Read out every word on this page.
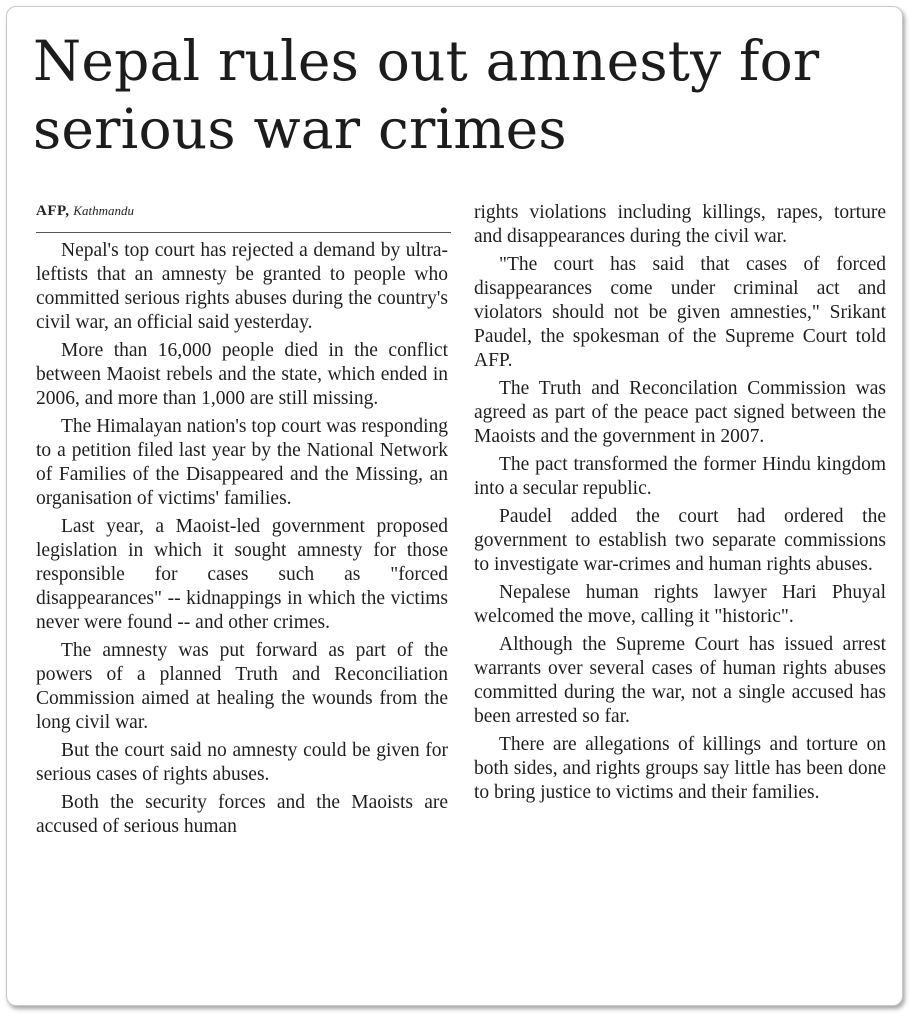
Nepal rules out amnesty for serious war crimes
AFP, Kathmandu

Nepal's top court has rejected a demand by ultra-leftists that an amnesty be granted to people who committed serious rights abuses during the country's civil war, an official said yesterday.

More than 16,000 people died in the conflict between Maoist rebels and the state, which ended in 2006, and more than 1,000 are still missing.

The Himalayan nation's top court was responding to a petition filed last year by the National Network of Families of the Disappeared and the Missing, an organisation of victims' families.

Last year, a Maoist-led government proposed legislation in which it sought amnesty for those responsible for cases such as "forced disappearances" -- kidnappings in which the victims never were found -- and other crimes.

The amnesty was put forward as part of the powers of a planned Truth and Reconciliation Commission aimed at healing the wounds from the long civil war.

But the court said no amnesty could be given for serious cases of rights abuses.

Both the security forces and the Maoists are accused of serious human

rights violations including killings, rapes, torture and disappearances during the civil war.

"The court has said that cases of forced disappearances come under criminal act and violators should not be given amnesties," Srikant Paudel, the spokesman of the Supreme Court told AFP.

The Truth and Reconcilation Commission was agreed as part of the peace pact signed between the Maoists and the government in 2007.

The pact transformed the former Hindu kingdom into a secular republic.

Paudel added the court had ordered the government to establish two separate commissions to investigate war-crimes and human rights abuses.

Nepalese human rights lawyer Hari Phuyal welcomed the move, calling it "historic".

Although the Supreme Court has issued arrest warrants over several cases of human rights abuses committed during the war, not a single accused has been arrested so far.

There are allegations of killings and torture on both sides, and rights groups say little has been done to bring justice to victims and their families.
